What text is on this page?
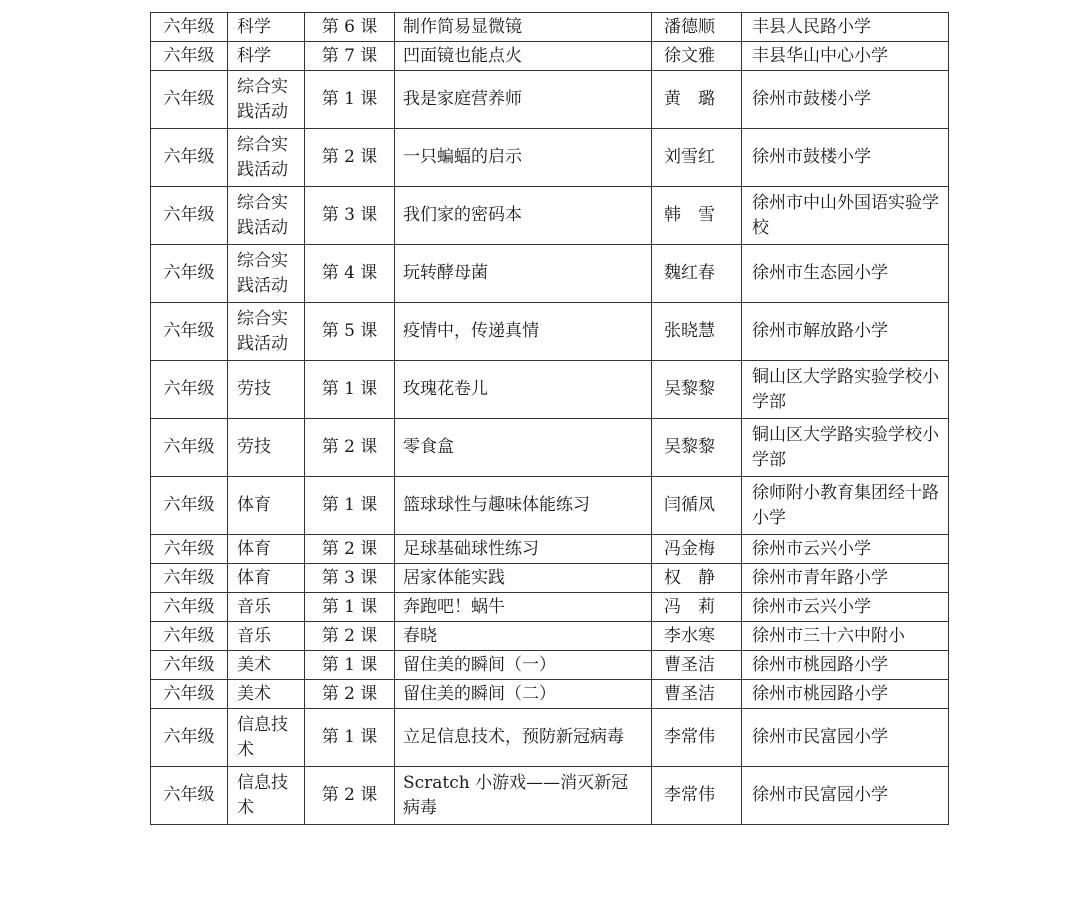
六年级	科学	第 6 课	制作简易显微镜	潘德顺	丰县人民路小学
六年级	科学	第 7 课	凹面镜也能点火	徐文雅	丰县华山中心小学
六年级	综合实践活动	第 1 课	我是家庭营养师	黄　璐	徐州市鼓楼小学
六年级	综合实践活动	第 2 课	一只蝙蝠的启示	刘雪红	徐州市鼓楼小学
六年级	综合实践活动	第 3 课	我们家的密码本	韩　雪	徐州市中山外国语实验学校
六年级	综合实践活动	第 4 课	玩转酵母菌	魏红春	徐州市生态园小学
六年级	综合实践活动	第 5 课	疫情中，传递真情	张晓慧	徐州市解放路小学
六年级	劳技	第 1 课	玫瑰花卷儿	吴黎黎	铜山区大学路实验学校小学部
六年级	劳技	第 2 课	零食盒	吴黎黎	铜山区大学路实验学校小学部
六年级	体育	第 1 课	篮球球性与趣味体能练习	闫循凤	徐师附小教育集团经十路小学
六年级	体育	第 2 课	足球基础球性练习	冯金梅	徐州市云兴小学
六年级	体育	第 3 课	居家体能实践	权　静	徐州市青年路小学
六年级	音乐	第 1 课	奔跑吧！蜗牛	冯　莉	徐州市云兴小学
六年级	音乐	第 2 课	春晓	李水寒	徐州市三十六中附小
六年级	美术	第 1 课	留住美的瞬间（一）	曹圣洁	徐州市桃园路小学
六年级	美术	第 2 课	留住美的瞬间（二）	曹圣洁	徐州市桃园路小学
六年级	信息技术	第 1 课	立足信息技术，预防新冠病毒	李常伟	徐州市民富园小学
六年级	信息技术	第 2 课	Scratch 小游戏——消灭新冠病毒	李常伟	徐州市民富园小学
